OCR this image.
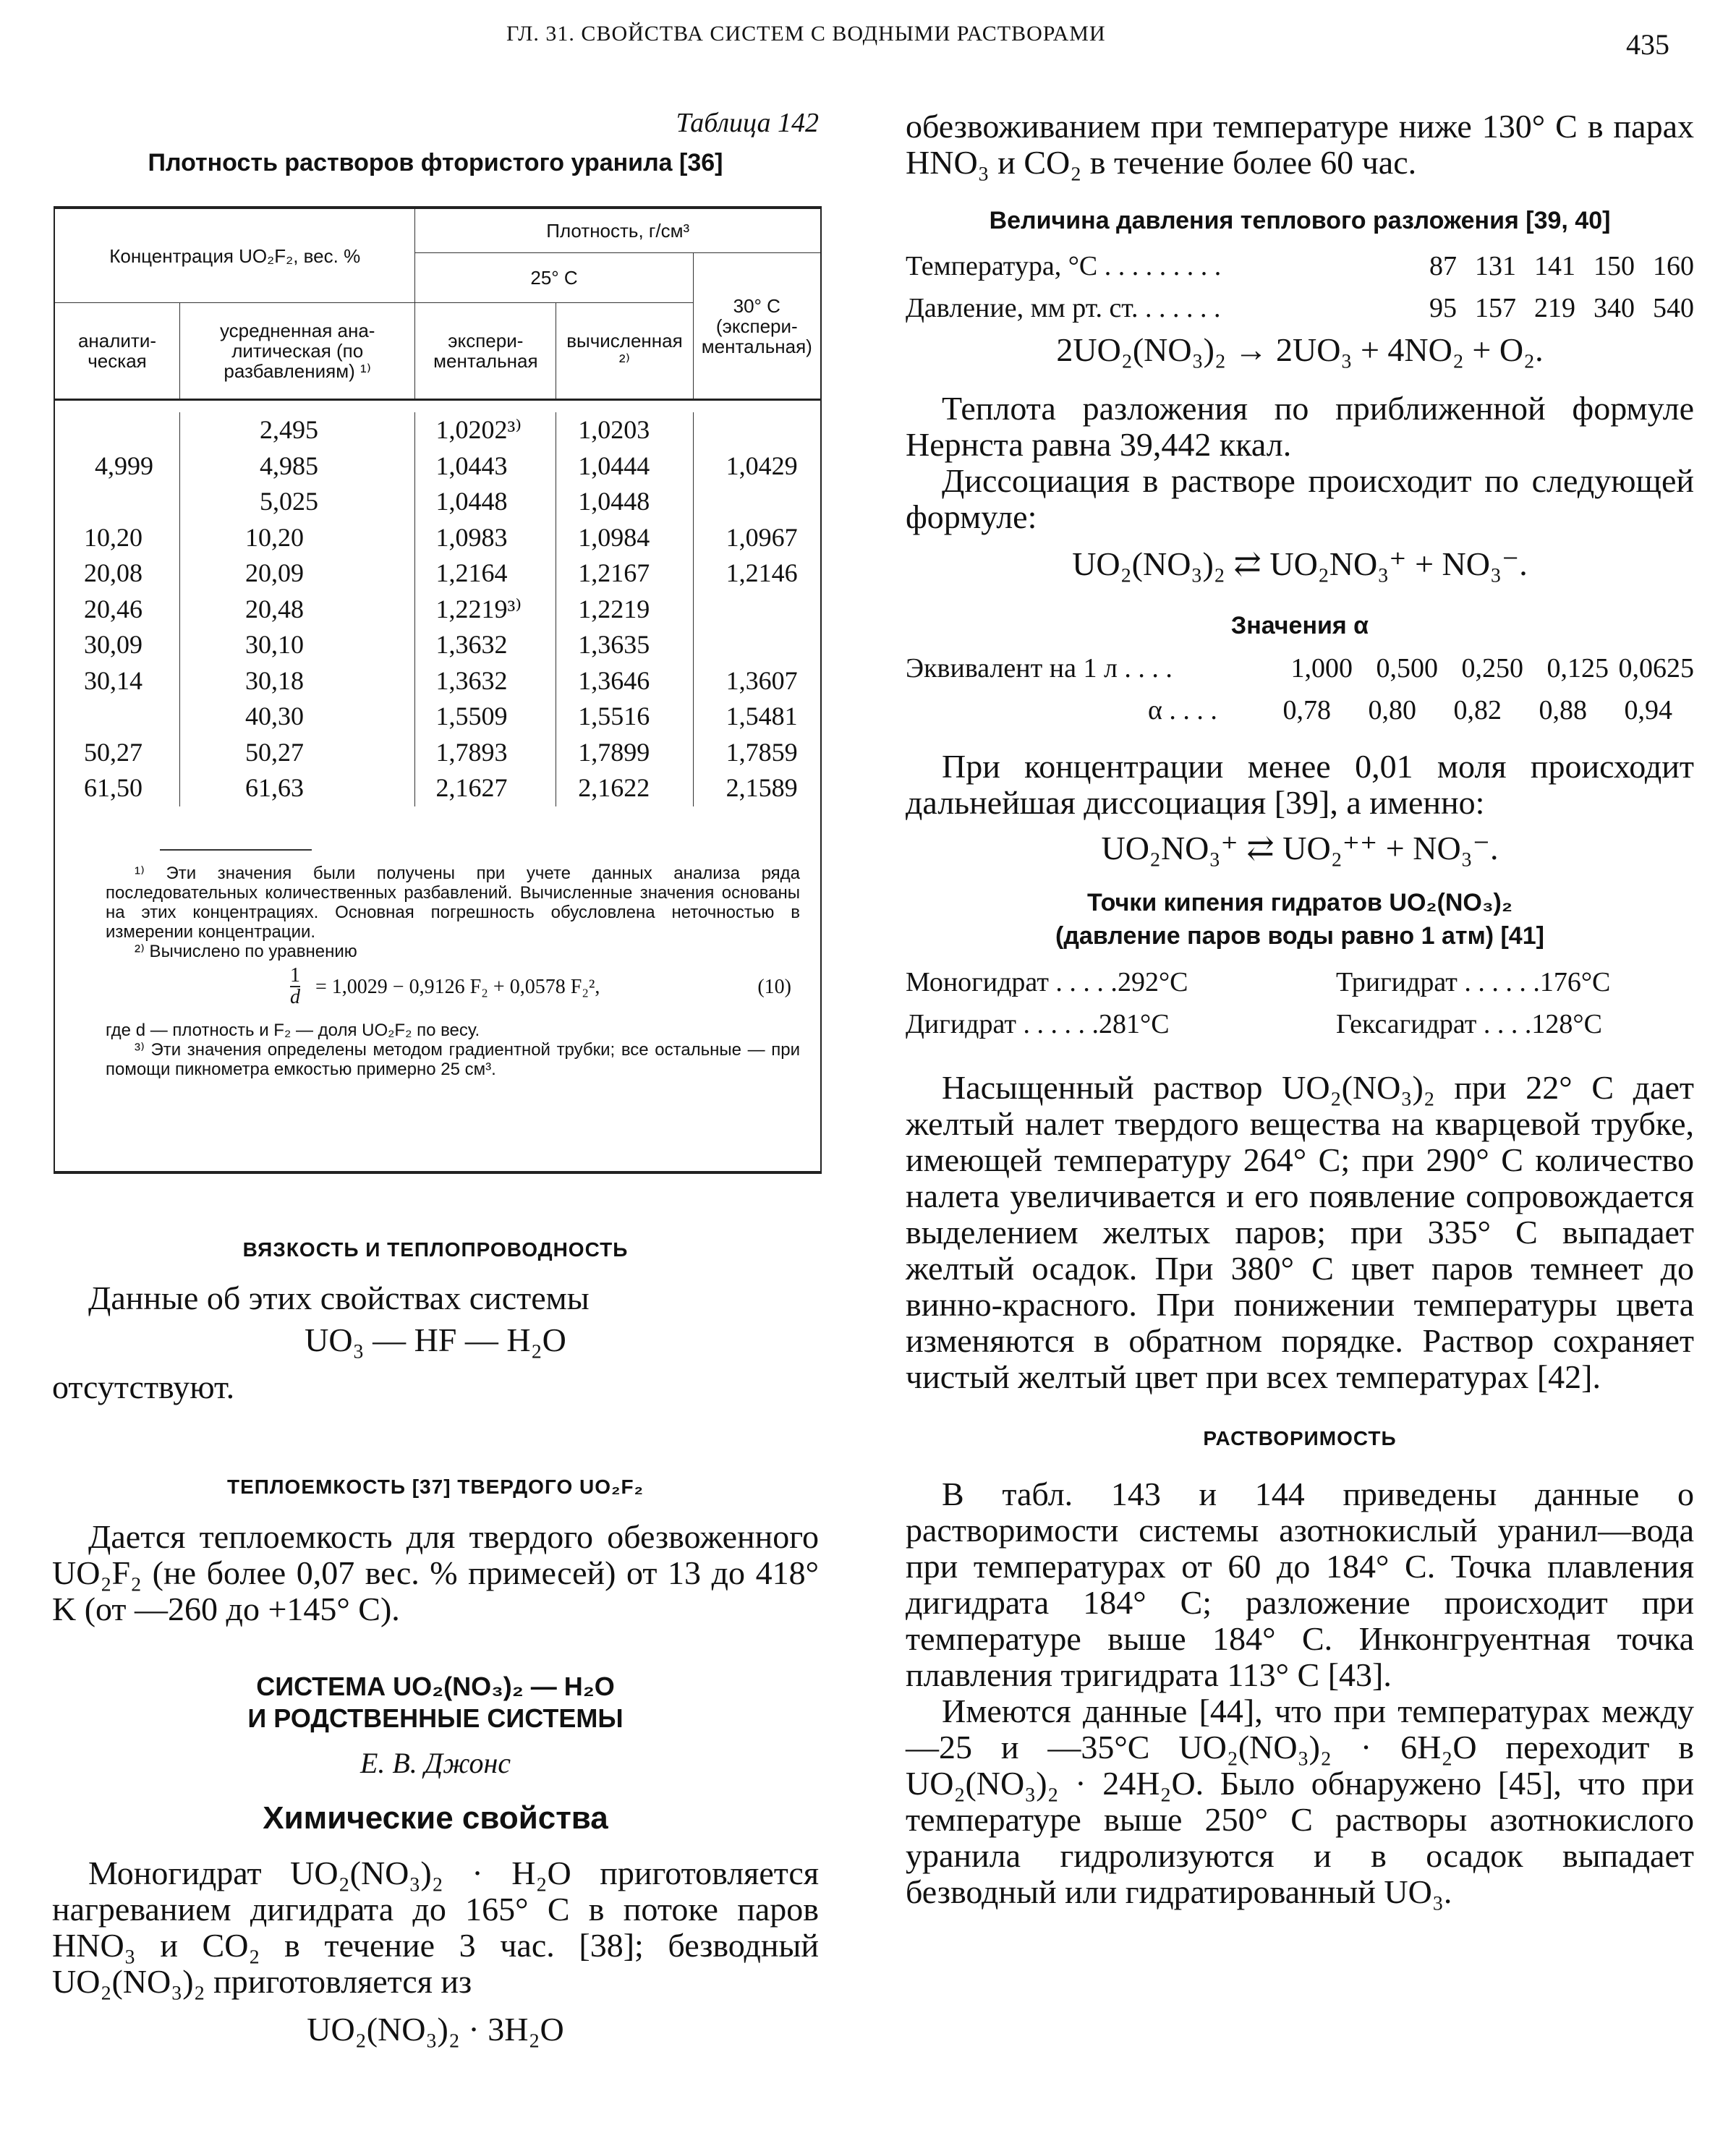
ГЛ. 31. СВОЙСТВА СИСТЕМ С ВОДНЫМИ РАСТВОРАМИ	435
Таблица 142
Плотность растворов фтористого уранила [36]
Концентрация UO₂F₂, вес. %		Плотность, г/см³		
		25° C		30° C (экспериментальная)
аналитическая	усредненная аналитическая (по разбавлениям) ¹⁾	экспериментальная	вычисленная ²⁾	

	2,495	1,0202³⁾	1,0203	
4,999	4,985	1,0443	1,0444	1,0429
	5,025	1,0448	1,0448	
10,20	10,20	1,0983	1,0984	1,0967
20,08	20,09	1,2164	1,2167	1,2146
20,46	20,48	1,2219³⁾	1,2219	
30,09	30,10	1,3632	1,3635	
30,14	30,18	1,3632	1,3646	1,3607
	40,30	1,5509	1,5516	1,5481
50,27	50,27	1,7893	1,7899	1,7859
61,50	61,63	2,1627	2,1622	2,1589

¹⁾ Эти значения были получены при учете данных анализа ряда последовательных количественных разбавлений. Вычисленные значения основаны на этих концентрациях. Основная погрешность обусловлена неточностью в измерении концентрации.

²⁾ Вычислено по уравнению

$\frac{1}{d} = 1,0029 - 0,9126$ F₂ + 0,0578 F₂²,	(10)

где d — плотность и F₂ — доля UO₂F₂ по весу.

³⁾ Эти значения определены методом градиентной трубки; все остальные — при помощи пикнометра емкостью примерно 25 см³.

ВЯЗКОСТЬ И ТЕПЛОПРОВОДНОСТЬ

Данные об этих свойствах системы

UO₃ — HF — H₂O

отсутствуют.

ТЕПЛОЕМКОСТЬ [37] ТВЕРДОГО UO₂F₂

Дается теплоемкость для твердого обезвоженного UO₂F₂ (не более 0,07 вес. % примесей) от 13 до 418° K (от —260 до +145° C).

СИСТЕМА UO₂(NO₃)₂ — H₂O
И РОДСТВЕННЫЕ СИСТЕМЫ
Е. В. Джонс
Химические свойства

Моногидрат UO₂(NO₃)₂ · H₂O приготовляется нагреванием дигидрата до 165° C в потоке паров HNO₃ и CO₂ в течение 3 час. [38]; безводный UO₂(NO₃)₂ приготовляется из

UO₂(NO₃)₂ · 3H₂O

обезвоживанием при температуре ниже 130° C в парах HNO₃ и CO₂ в течение более 60 час.

Величина давления теплового разложения [39, 40]
Температура, °C . . . . . . . . .	87 131 141 150 160
Давление, мм рт. ст. . . . . . .	95 157 219 340 540

2UO₂(NO₃)₂ → 2UO₃ + 4NO₂ + O₂.

Теплота разложения по приближенной формуле Нернста равна 39,442 ккал.

Диссоциация в растворе происходит по следующей формуле:

UO₂(NO₃)₂ ⇄ UO₂NO₃⁺ + NO₃⁻.

Значения α
Эквивалент на 1 л . . . .	1,000 0,500 0,250 0,125 0,0625
α . . . .	0,78	0,80	0,82	0,88	0,94

При концентрации менее 0,01 моля происходит дальнейшая диссоциация [39], а именно:

UO₂NO₃⁺ ⇄ UO₂⁺⁺ + NO₃⁻.

Точки кипения гидратов UO₂(NO₃)₂
(давление паров воды равно 1 атм) [41]
Моногидрат . . . . .292°C	Тригидрат . . . . . .176°C
Дигидрат . . . . . .281°C	Гексагидрат . . . .128°C

Насыщенный раствор UO₂(NO₃)₂ при 22° C дает желтый налет твердого вещества на кварцевой трубке, имеющей температуру 264° C; при 290° C количество налета увеличивается и его появление сопровождается выделением желтых паров; при 335° C выпадает желтый осадок. При 380° C цвет паров темнеет до винно-красного. При понижении температуры цвета изменяются в обратном порядке. Раствор сохраняет чистый желтый цвет при всех температурах [42].

РАСТВОРИМОСТЬ

В табл. 143 и 144 приведены данные о растворимости системы азотнокислый уранил—вода при температурах от 60 до 184° C. Точка плавления дигидрата 184° C; разложение происходит при температуре выше 184° C. Инконгруентная точка плавления тригидрата 113° C [43].

Имеются данные [44], что при температурах между —25 и —35°C UO₂(NO₃)₂ · 6H₂O переходит в UO₂(NO₃)₂ · 24H₂O. Было обнаружено [45], что при температуре выше 250° C растворы азотнокислого уранила гидролизуются и в осадок выпадает безводный или гидратированный UO₃.
